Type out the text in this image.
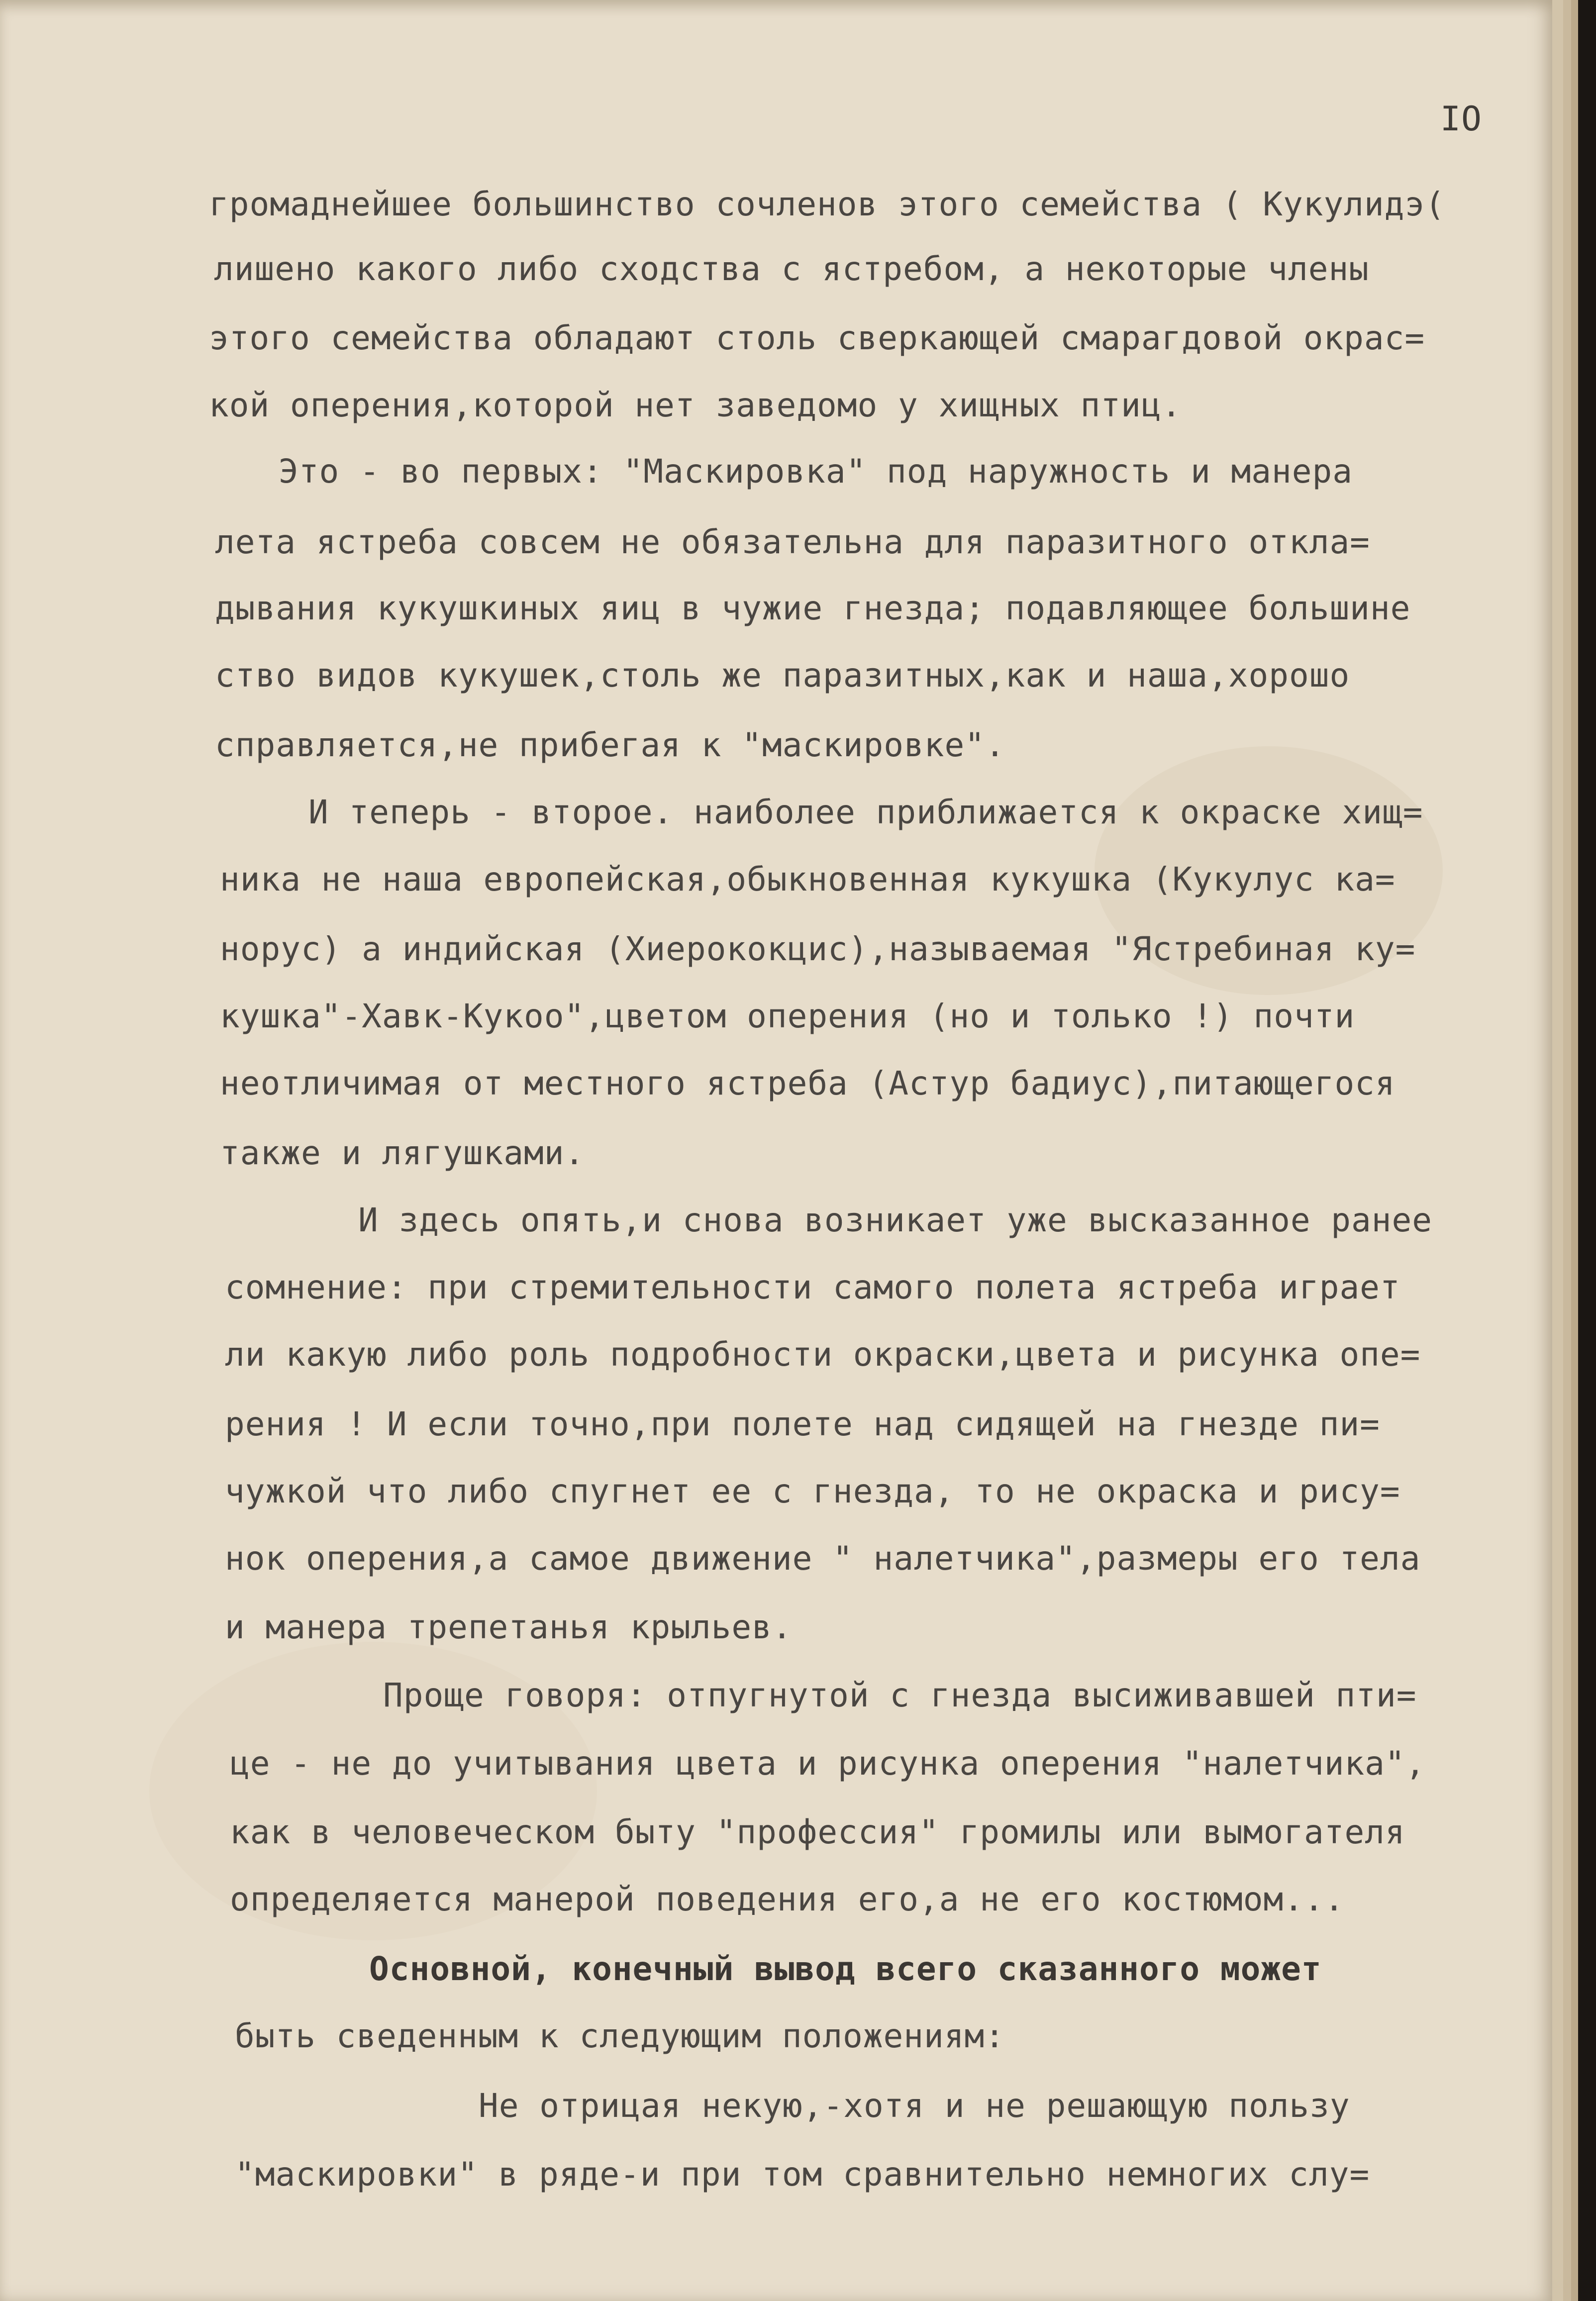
IO
громаднейшее большинство сочленов этого семейства ( Кукулидэ(
лишено какого либо сходства с ястребом, а некоторые члены
этого семейства обладают столь сверкающей смарагдовой окрас=
кой оперения,которой нет заведомо у хищных птиц.
Это - во первых: "Маскировка" под наружность и манера
лета ястреба совсем не обязательна для паразитного откла=
дывания кукушкиных яиц в чужие гнезда; подавляющее большине
ство видов кукушек,столь же паразитных,как и наша,хорошо
справляется,не прибегая к "маскировке".
И теперь - второе. наиболее приближается к окраске хищ=
ника не наша европейская,обыкновенная кукушка (Кукулус ка=
норус) а индийская (Хиерококцис),называемая "Ястребиная ку=
кушка"-Хавк-Кукоо",цветом оперения (но и только !) почти
неотличимая от местного ястреба (Астур бадиус),питающегося
также и лягушками.
И здесь опять,и снова возникает уже высказанное ранее
сомнение: при стремительности самого полета ястреба играет
ли какую либо роль подробности окраски,цвета и рисунка опе=
рения ! И если точно,при полете над сидящей на гнезде пи=
чужкой что либо спугнет ее с гнезда, то не окраска и рису=
нок оперения,а самое движение " налетчика",размеры его тела
и манера трепетанья крыльев.
Проще говоря: отпугнутой с гнезда высиживавшей пти=
це - не до учитывания цвета и рисунка оперения "налетчика",
как в человеческом быту "профессия" громилы или вымогателя
определяется манерой поведения его,а не его костюмом...
Основной, конечный вывод всего сказанного может
быть сведенным к следующим положениям:
Не отрицая некую,-хотя и не решающую пользу
"маскировки" в ряде-и при том сравнительно немногих слу=
